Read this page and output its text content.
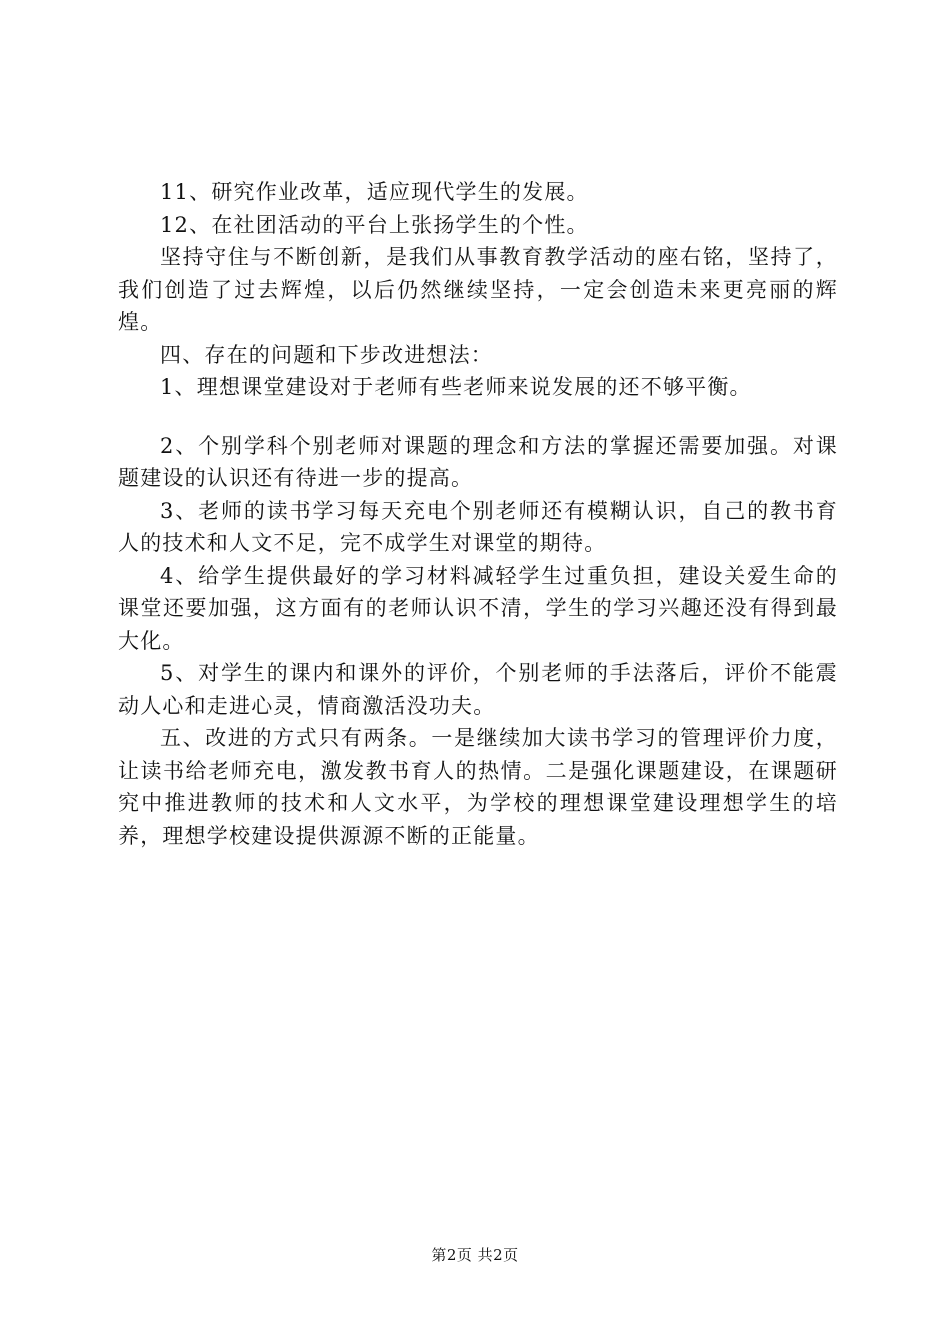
11、研究作业改革，适应现代学生的发展。

12、在社团活动的平台上张扬学生的个性。

坚持守住与不断创新，是我们从事教育教学活动的座右铭，坚持了，我们创造了过去辉煌，以后仍然继续坚持，一定会创造未来更亮丽的辉煌。

四、存在的问题和下步改进想法：

1、理想课堂建设对于老师有些老师来说发展的还不够平衡。

2、个别学科个别老师对课题的理念和方法的掌握还需要加强。对课题建设的认识还有待进一步的提高。

3、老师的读书学习每天充电个别老师还有模糊认识，自己的教书育人的技术和人文不足，完不成学生对课堂的期待。

4、给学生提供最好的学习材料减轻学生过重负担，建设关爱生命的课堂还要加强，这方面有的老师认识不清，学生的学习兴趣还没有得到最大化。

5、对学生的课内和课外的评价，个别老师的手法落后，评价不能震动人心和走进心灵，情商激活没功夫。

五、改进的方式只有两条。一是继续加大读书学习的管理评价力度，让读书给老师充电，激发教书育人的热情。二是强化课题建设，在课题研究中推进教师的技术和人文水平，为学校的理想课堂建设理想学生的培养，理想学校建设提供源源不断的正能量。

第2页 共2页
